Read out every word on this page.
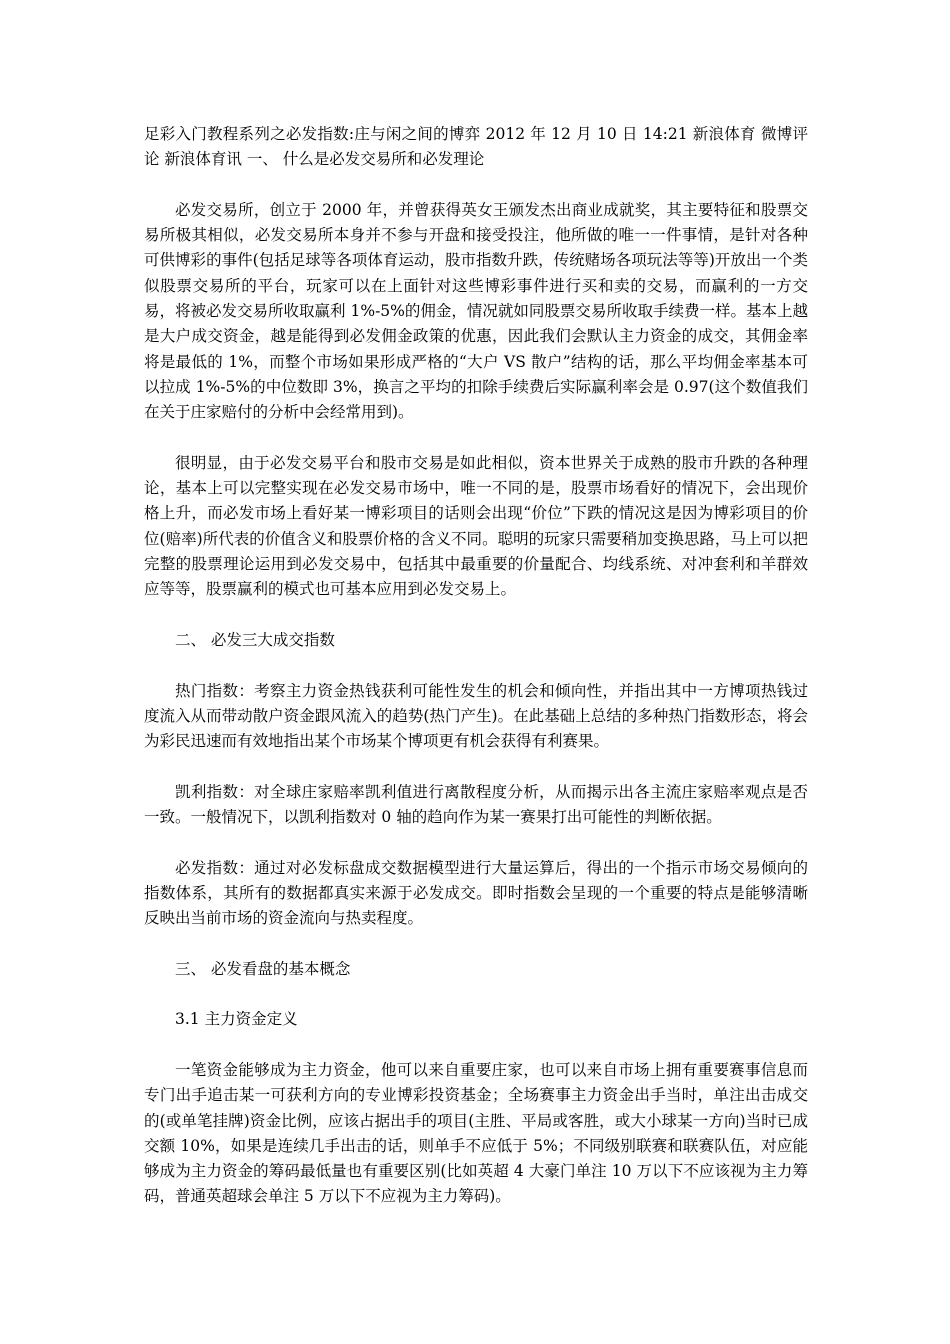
足彩入门教程系列之必发指数:庄与闲之间的博弈 2012 年 12 月 10 日 14:21 新浪体育 微博评论 新浪体育讯 一、 什么是必发交易所和必发理论

必发交易所，创立于 2000 年，并曾获得英女王颁发杰出商业成就奖，其主要特征和股票交易所极其相似，必发交易所本身并不参与开盘和接受投注，他所做的唯一一件事情，是针对各种可供博彩的事件(包括足球等各项体育运动，股市指数升跌，传统赌场各项玩法等等)开放出一个类似股票交易所的平台，玩家可以在上面针对这些博彩事件进行买和卖的交易，而赢利的一方交易，将被必发交易所收取赢利 1%-5%的佣金，情况就如同股票交易所收取手续费一样。基本上越是大户成交资金，越是能得到必发佣金政策的优惠，因此我们会默认主力资金的成交，其佣金率将是最低的 1%，而整个市场如果形成严格的“大户 VS 散户”结构的话，那么平均佣金率基本可以拉成 1%-5%的中位数即 3%，换言之平均的扣除手续费后实际赢利率会是 0.97(这个数值我们在关于庄家赔付的分析中会经常用到)。

很明显，由于必发交易平台和股市交易是如此相似，资本世界关于成熟的股市升跌的各种理论，基本上可以完整实现在必发交易市场中，唯一不同的是，股票市场看好的情况下，会出现价格上升，而必发市场上看好某一博彩项目的话则会出现“价位”下跌的情况这是因为博彩项目的价位(赔率)所代表的价值含义和股票价格的含义不同。聪明的玩家只需要稍加变换思路，马上可以把完整的股票理论运用到必发交易中，包括其中最重要的价量配合、均线系统、对冲套利和羊群效应等等，股票赢利的模式也可基本应用到必发交易上。

二、 必发三大成交指数

热门指数：考察主力资金热钱获利可能性发生的机会和倾向性，并指出其中一方博项热钱过度流入从而带动散户资金跟风流入的趋势(热门产生)。在此基础上总结的多种热门指数形态，将会为彩民迅速而有效地指出某个市场某个博项更有机会获得有利赛果。

凯利指数：对全球庄家赔率凯利值进行离散程度分析，从而揭示出各主流庄家赔率观点是否一致。一般情况下，以凯利指数对 0 轴的趋向作为某一赛果打出可能性的判断依据。

必发指数：通过对必发标盘成交数据模型进行大量运算后，得出的一个指示市场交易倾向的指数体系，其所有的数据都真实来源于必发成交。即时指数会呈现的一个重要的特点是能够清晰反映出当前市场的资金流向与热卖程度。

三、 必发看盘的基本概念

3.1 主力资金定义

一笔资金能够成为主力资金，他可以来自重要庄家，也可以来自市场上拥有重要赛事信息而专门出手追击某一可获利方向的专业博彩投资基金；全场赛事主力资金出手当时，单注出击成交的(或单笔挂牌)资金比例，应该占据出手的项目(主胜、平局或客胜，或大小球某一方向)当时已成交额 10%，如果是连续几手出击的话，则单手不应低于 5%；不同级别联赛和联赛队伍，对应能够成为主力资金的筹码最低量也有重要区别(比如英超 4 大豪门单注 10 万以下不应该视为主力筹码，普通英超球会单注 5 万以下不应视为主力筹码)。
